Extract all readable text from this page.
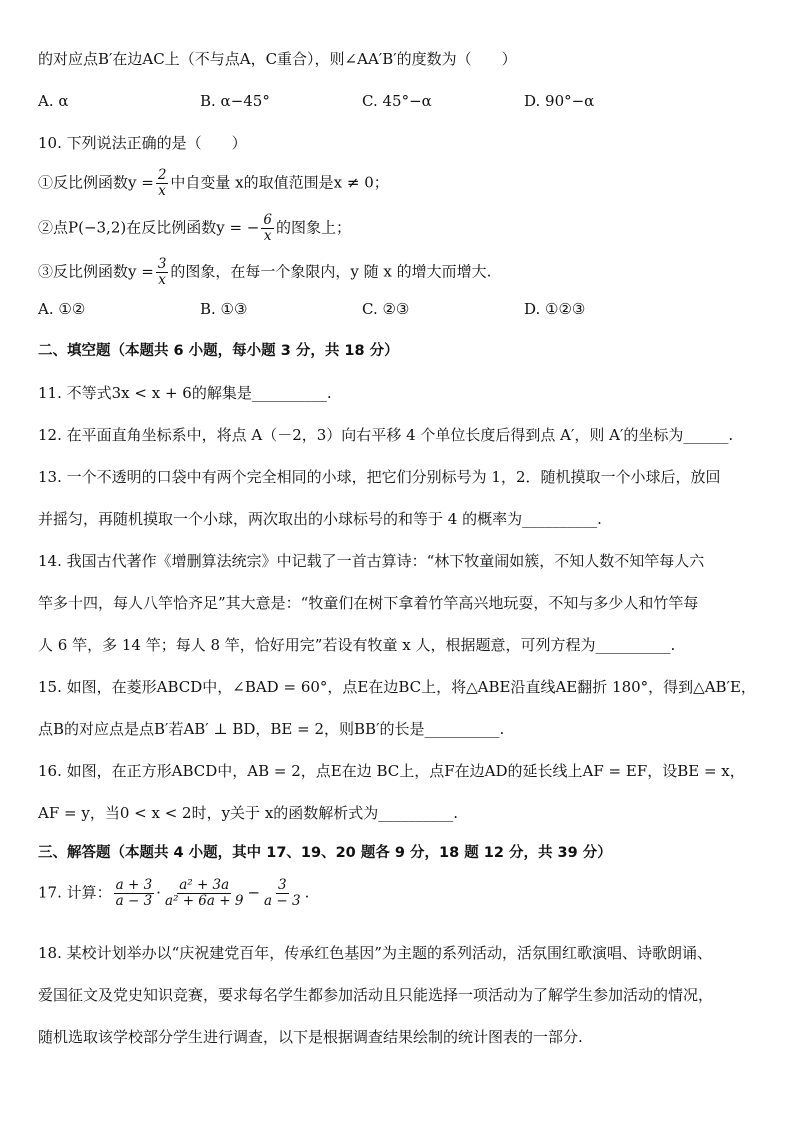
的对应点B′在边AC上（不与点A，C重合），则∠AA′B′的度数为（　　）
A. α	B. α−45°	C. 45°−α	D. 90°−α
10. 下列说法正确的是（　　）
①反比例函数$y = \frac{2}{x}$ 中自变量 x的取值范围是x ≠ 0；
②点P(−3,2)在反比例函数y = − $\frac{6}{x}$ 的图象上；
③反比例函数$y = \frac{3}{x}$ 的图象，在每一个象限内，y 随 x 的增大而增大.
A. ①②	B. ①③	C. ②③	D. ①②③
二、填空题（本题共 6 小题，每小题 3 分，共 18 分）
11. 不等式3x < x + 6的解集是__________.
12. 在平面直角坐标系中，将点 A（－2，3）向右平移 4 个单位长度后得到点 A′，则 A′的坐标为______.
13. 一个不透明的口袋中有两个完全相同的小球，把它们分别标号为 1，2．随机摸取一个小球后，放回
并摇匀，再随机摸取一个小球，两次取出的小球标号的和等于 4 的概率为__________.
14. 我国古代著作《增删算法统宗》中记载了一首古算诗：“林下牧童闹如簇，不知人数不知竿每人六
竿多十四，每人八竿恰齐足”其大意是：“牧童们在树下拿着竹竿高兴地玩耍，不知与多少人和竹竿每
人 6 竿，多 14 竿；每人 8 竿，恰好用完”若设有牧童 x 人，根据题意，可列方程为__________.
15. 如图，在菱形ABCD中，∠BAD = 60°，点E在边BC上，将△ABE沿直线AE翻折 180°，得到△AB′E，
点B的对应点是点B′若AB′ ⊥ BD，BE = 2，则BB′的长是__________.
16. 如图，在正方形ABCD中，AB = 2，点E在边 BC上，点F在边AD的延长线上AF = EF，设BE = x，
AF = y，当0 < x < 2时，y关于 x的函数解析式为__________.
三、解答题（本题共 4 小题，其中 17、19、20 题各 9 分，18 题 12 分，共 39 分）
17. 计算： $\frac{a + 3}{a - 3} \cdot \frac{\text{a² + 3a}}{\text{a² + 6a + 9}} - \frac{3}{a - 3}$ .
18. 某校计划举办以“庆祝建党百年，传承红色基因”为主题的系列活动，活氛围红歌演唱、诗歌朗诵、
爱国征文及党史知识竞赛，要求每名学生都参加活动且只能选择一项活动为了解学生参加活动的情况，
随机选取该学校部分学生进行调查，以下是根据调查结果绘制的统计图表的一部分.
